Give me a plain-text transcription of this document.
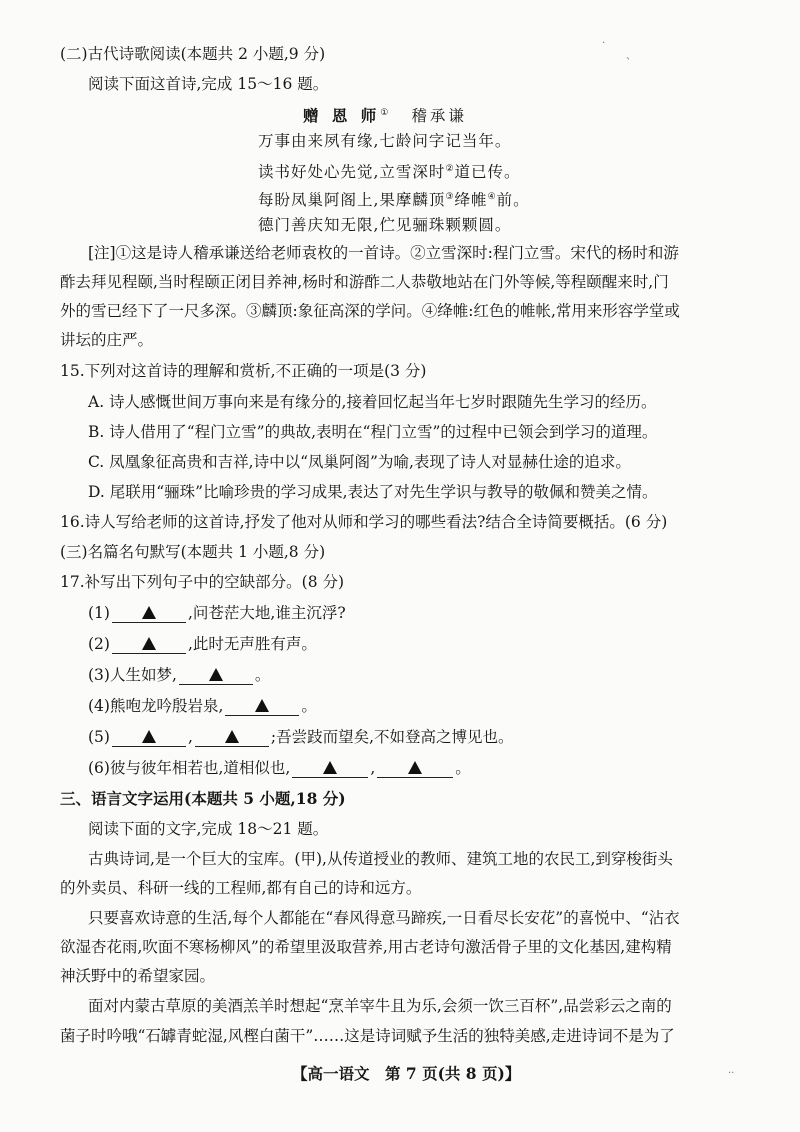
·
、
(二)古代诗歌阅读(本题共 2 小题,9 分)
阅读下面这首诗,完成 15～16 题。
赠 恩 师① 稽承谦
万事由来夙有缘,七龄问字记当年。
读书好处心先觉,立雪深时②道已传。
每盼凤巢阿阁上,果摩麟顶③绛帷④前。
德门善庆知无限,伫见骊珠颗颗圆。
[注]①这是诗人稽承谦送给老师袁枚的一首诗。②立雪深时:程门立雪。宋代的杨时和游
酢去拜见程颐,当时程颐正闭目养神,杨时和游酢二人恭敬地站在门外等候,等程颐醒来时,门
外的雪已经下了一尺多深。③麟顶:象征高深的学问。④绛帷:红色的帷帐,常用来形容学堂或
讲坛的庄严。
15.下列对这首诗的理解和赏析,不正确的一项是(3 分)
A. 诗人感慨世间万事向来是有缘分的,接着回忆起当年七岁时跟随先生学习的经历。
B. 诗人借用了“程门立雪”的典故,表明在“程门立雪”的过程中已领会到学习的道理。
C. 凤凰象征高贵和吉祥,诗中以“凤巢阿阁”为喻,表现了诗人对显赫仕途的追求。
D. 尾联用“骊珠”比喻珍贵的学习成果,表达了对先生学识与教导的敬佩和赞美之情。
16.诗人写给老师的这首诗,抒发了他对从师和学习的哪些看法?结合全诗简要概括。(6 分)
(三)名篇名句默写(本题共 1 小题,8 分)
17.补写出下列句子中的空缺部分。(8 分)
(1)	,问苍茫大地,谁主沉浮?
(2)	,此时无声胜有声。
(3)人生如梦,	。
(4)熊咆龙吟殷岩泉,	。
(5)	,	;吾尝跂而望矣,不如登高之博见也。
(6)彼与彼年相若也,道相似也,	,	。
三、语言文字运用(本题共 5 小题,18 分)
阅读下面的文字,完成 18～21 题。
古典诗词,是一个巨大的宝库。(甲),从传道授业的教师、建筑工地的农民工,到穿梭街头
的外卖员、科研一线的工程师,都有自己的诗和远方。
只要喜欢诗意的生活,每个人都能在“春风得意马蹄疾,一日看尽长安花”的喜悦中、“沾衣
欲湿杏花雨,吹面不寒杨柳风”的希望里汲取营养,用古老诗句激活骨子里的文化基因,建构精
神沃野中的希望家园。
面对内蒙古草原的美酒羔羊时想起“烹羊宰牛且为乐,会须一饮三百杯”,品尝彩云之南的
菌子时吟哦“石罅青蛇湿,风樫白菌干”……这是诗词赋予生活的独特美感,走进诗词不是为了
【高一语文　第 7 页(共 8 页)】	··
